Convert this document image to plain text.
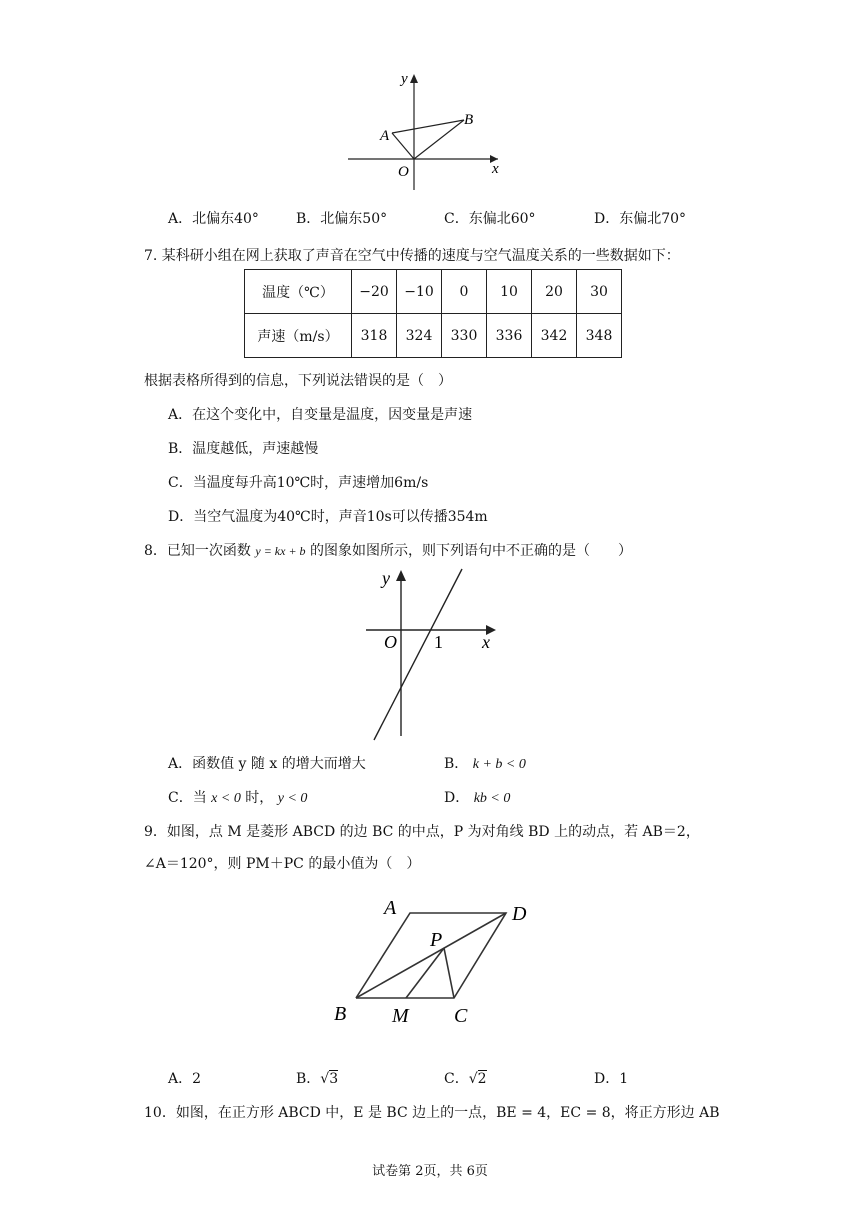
y
x
O
A
B
A．北偏东40°	B．北偏东50°	C．东偏北60°	D．东偏北70°
7. 某科研小组在网上获取了声音在空气中传播的速度与空气温度关系的一些数据如下：
温度（℃）	−20	−10	0	10	20	30
声速（m/s）	318	324	330	336	342	348
根据表格所得到的信息，下列说法错误的是（　）
A．在这个变化中，自变量是温度，因变量是声速
B．温度越低，声速越慢
C．当温度每升高10℃时，声速增加6m/s
D．当空气温度为40℃时，声音10s可以传播354m
8．已知一次函数 y = kx + b 的图象如图所示，则下列语句中不正确的是（　　）
y
x
O 1
A．函数值 y 随 x 的增大而增大	B． k + b < 0
C．当 x < 0 时， y < 0	D． kb < 0
9．如图，点 M 是菱形 ABCD 的边 BC 的中点，P 为对角线 BD 上的动点，若 AB＝2，
∠A＝120°，则 PM＋PC 的最小值为（　）
A	D
P
B M C
A．2	B．√3	C．√2	D．1
10．如图，在正方形 ABCD 中，E 是 BC 边上的一点，BE = 4，EC = 8，将正方形边 AB
试卷第 2页，共 6页
